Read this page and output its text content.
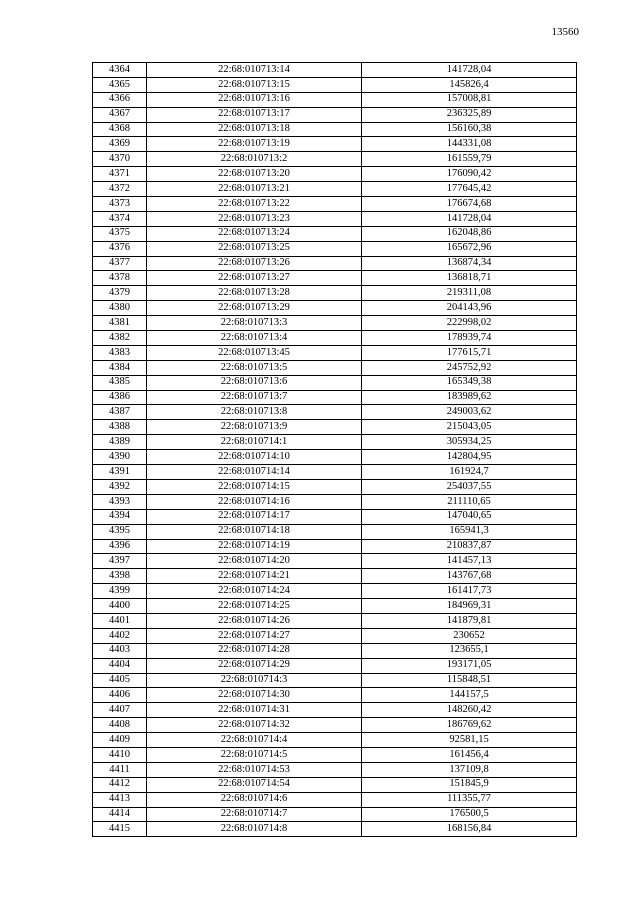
13560
4364	22:68:010713:14	141728,04
4365	22:68:010713:15	145826,4
4366	22:68:010713:16	157008,81
4367	22:68:010713:17	236325,89
4368	22:68:010713:18	156160,38
4369	22:68:010713:19	144331,08
4370	22:68:010713:2	161559,79
4371	22:68:010713:20	176090,42
4372	22:68:010713:21	177645,42
4373	22:68:010713:22	176674,68
4374	22:68:010713:23	141728,04
4375	22:68:010713:24	162048,86
4376	22:68:010713:25	165672,96
4377	22:68:010713:26	136874,34
4378	22:68:010713:27	136818,71
4379	22:68:010713:28	219311,08
4380	22:68:010713:29	204143,96
4381	22:68:010713:3	222998,02
4382	22:68:010713:4	178939,74
4383	22:68:010713:45	177615,71
4384	22:68:010713:5	245752,92
4385	22:68:010713:6	165349,38
4386	22:68:010713:7	183989,62
4387	22:68:010713:8	249003,62
4388	22:68:010713:9	215043,05
4389	22:68:010714:1	305934,25
4390	22:68:010714:10	142804,95
4391	22:68:010714:14	161924,7
4392	22:68:010714:15	254037,55
4393	22:68:010714:16	211110,65
4394	22:68:010714:17	147040,65
4395	22:68:010714:18	165941,3
4396	22:68:010714:19	210837,87
4397	22:68:010714:20	141457,13
4398	22:68:010714:21	143767,68
4399	22:68:010714:24	161417,73
4400	22:68:010714:25	184969,31
4401	22:68:010714:26	141879,81
4402	22:68:010714:27	230652
4403	22:68:010714:28	123655,1
4404	22:68:010714:29	193171,05
4405	22:68:010714:3	115848,51
4406	22:68:010714:30	144157,5
4407	22:68:010714:31	148260,42
4408	22:68:010714:32	186769,62
4409	22:68:010714:4	92581,15
4410	22:68:010714:5	161456,4
4411	22:68:010714:53	137109,8
4412	22:68:010714:54	151845,9
4413	22:68:010714:6	111355,77
4414	22:68:010714:7	176500,5
4415	22:68:010714:8	168156,84
